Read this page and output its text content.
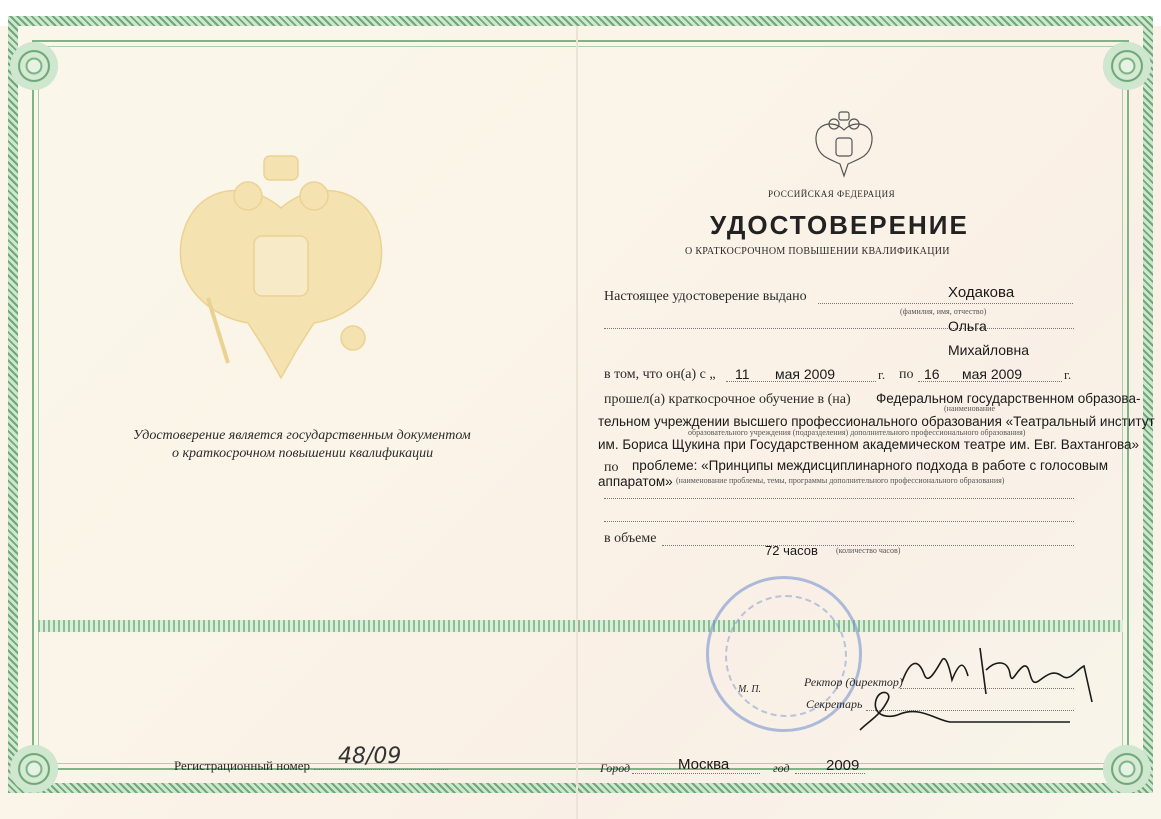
Удостоверение является государственным документом
о краткосрочном повышении квалификации
Регистрационный номер 48/09
РОССИЙСКАЯ ФЕДЕРАЦИЯ
УДОСТОВЕРЕНИЕ
О КРАТКОСРОЧНОМ ПОВЫШЕНИИ КВАЛИФИКАЦИИ
Настоящее удостоверение выдано	Ходакова
(фамилия, имя, отчество)
Ольга
Михайловна
в том, что он(а) с „ 11 мая 2009	г. по 16 мая 2009	г.
прошел(а) краткосрочное обучение в (на) Федеральном государственном образова-
(наименование
тельном учреждении высшего профессионального образования «Театральный институт
образовательного учреждения (подразделения) дополнительного профессионального образования)
им. Бориса Щукина при Государственном академическом театре им. Евг. Вахтангова»
по проблеме: «Принципы междисциплинарного подхода в работе с голосовым
аппаратом» (наименование проблемы, темы, программы дополнительного профессионального образования)
в объеме
72 часов (количество часов)
М. П.
Ректор (директор)
Секретарь
Город	Москва	год 2009
